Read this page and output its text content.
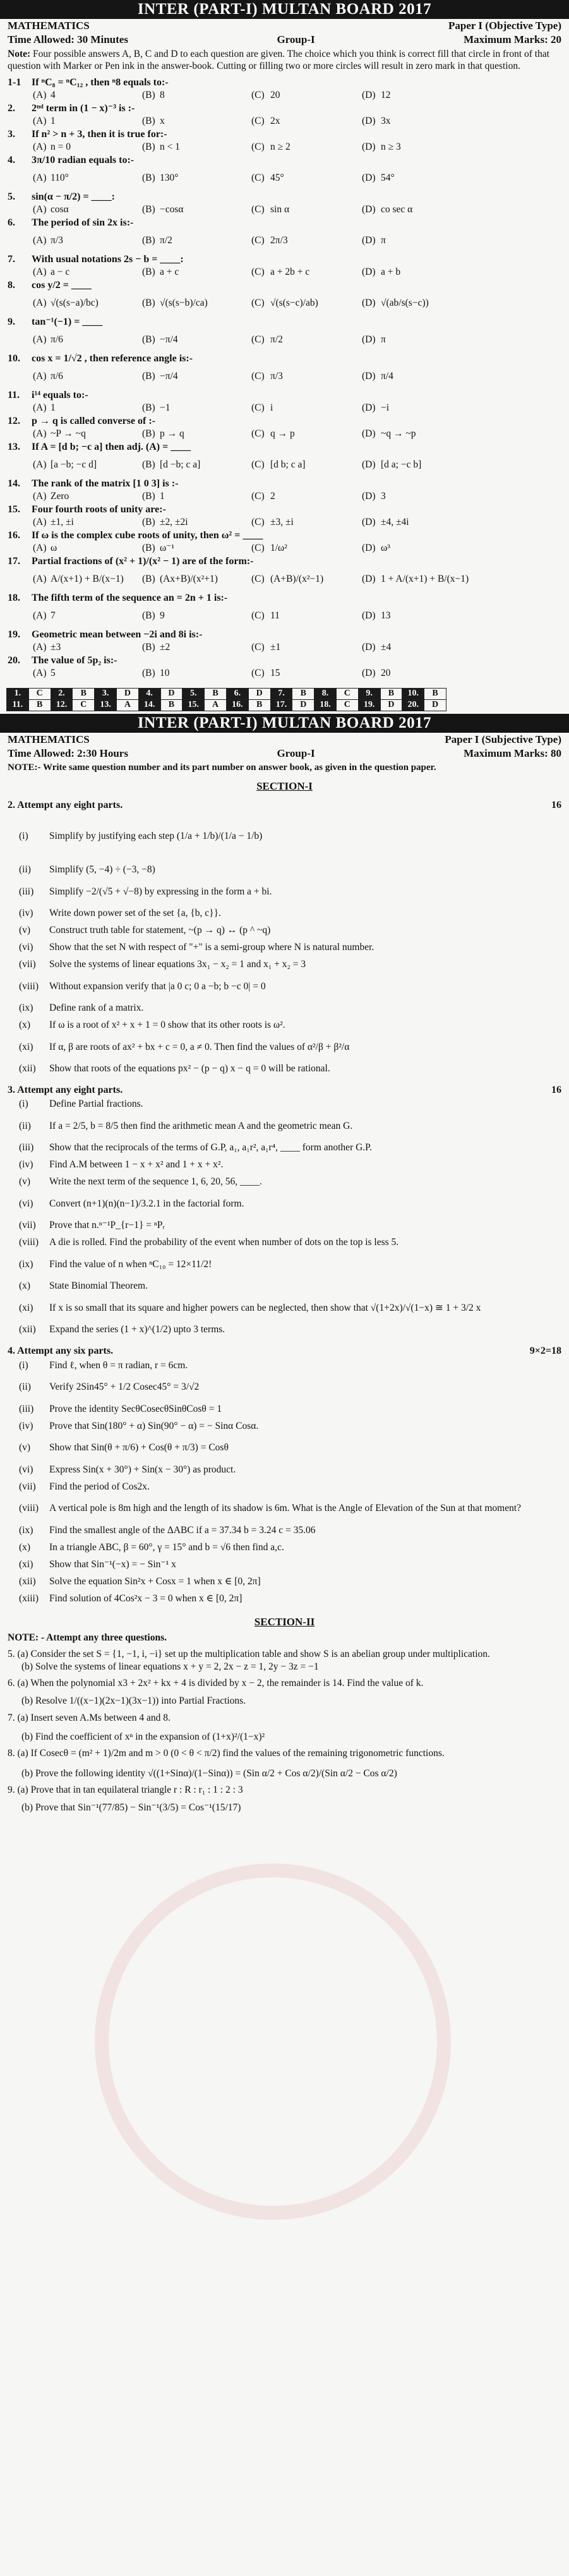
INTER (PART-I) MULTAN BOARD 2017
MATHEMATICS	Paper I (Objective Type)
Time Allowed: 30 Minutes	Group-I	Maximum Marks: 20
Note: Four possible answers A, B, C and D to each question are given. The choice which you think is correct fill that circle in front of that question with Marker or Pen ink in the answer-book. Cutting or filling two or more circles will result in zero mark in that question.
1-1	If ⁿC₈ = ⁿC₁₂ , then ⁿ8 equals to:-
(A) 4	(B) 8	(C) 20	(D) 12
2.	2ⁿᵈ term in (1 − x)⁻³ is :-
(A) 1	(B) x	(C) 2x	(D) 3x
3.	If n² > n + 3, then it is true for:-
(A) n = 0	(B) n < 1	(C) n ≥ 2	(D) n ≥ 3
4.	3π/10 radian equals to:-
(A) 110°	(B) 130°	(C) 45°	(D) 54°
5.	sin(α − π/2) = ____:
(A) cosα	(B) −cosα	(C) sin α	(D) co sec α
6.	The period of sin 2x is:-
(A) π/3	(B) π/2	(C) 2π/3	(D) π
7.	With usual notations 2s − b = ____:
(A) a − c	(B) a + c	(C) a + 2b + c	(D) a + b
8.	cos y/2 = ____
(A) √(s(s−a)/bc)	(B) √(s(s−b)/ca)	(C) √(s(s−c)/ab)	(D) √(ab/s(s−c))
9.	tan⁻¹(−1) = ____
(A) π/6	(B) −π/4	(C) π/2	(D) π
10.	cos x = 1/√2 , then reference angle is:-
(A) π/6	(B) −π/4	(C) π/3	(D) π/4
11.	i¹⁴ equals to:-
(A) 1	(B) −1	(C) i	(D) −i
12.	p → q is called converse of :-
(A) ~P → ~q	(B) p → q	(C) q → p	(D) ~q → ~p
13.	If A = [d b; −c a] then adj. (A) = ____
(A) [a −b; −c d]	(B) [d −b; c a]	(C) [d b; c a]	(D) [d a; −c b]
14.	The rank of the matrix [1 0 3] is :-
(A) Zero	(B) 1	(C) 2	(D) 3
15.	Four fourth roots of unity are:-
(A) ±1, ±i	(B) ±2, ±2i	(C) ±3, ±i	(D) ±4, ±4i
16.	If ω is the complex cube roots of unity, then ω² = ____
(A) ω	(B) ω⁻¹	(C) 1/ω²	(D) ω³
17.	Partial fractions of (x² + 1)/(x² − 1) are of the form:-
(A) A/(x+1) + B/(x−1)	(B) (Ax+B)/(x²+1)	(C) (A+B)/(x²−1)	(D) 1 + A/(x+1) + B/(x−1)
18.	The fifth term of the sequence an = 2n + 1 is:-
(A) 7	(B) 9	(C) 11	(D) 13
19.	Geometric mean between −2i and 8i is:-
(A) ±3	(B) ±2	(C) ±1	(D) ±4
20.	The value of 5p₂ is:-
(A) 5	(B) 10	(C) 15	(D) 20
1.	C	2.	B	3.	D	4.	D	5.	B	6.	D	7.	B	8.	C	9.	B	10.	B
11.	B	12.	C	13.	A	14.	B	15.	A	16.	B	17.	D	18.	C	19.	D	20.	D
INTER (PART-I) MULTAN BOARD 2017
MATHEMATICS	Paper I (Subjective Type)
Time Allowed: 2:30 Hours	Group-I	Maximum Marks: 80
NOTE:- Write same question number and its part number on answer book, as given in the question paper.
SECTION-I
2. Attempt any eight parts.	16
(i)	Simplify by justifying each step (1/a + 1/b)/(1/a − 1/b)
(ii)	Simplify (5, −4) ÷ (−3, −8)
(iii)	Simplify −2/(√5 + √−8) by expressing in the form a + bi.
(iv)	Write down power set of the set {a, {b, c}}.
(v)	Construct truth table for statement, ~(p → q) ↔ (p ^ ~q)
(vi)	Show that the set N with respect of "+" is a semi-group where N is natural number.
(vii)	Solve the systems of linear equations 3x₁ − x₂ = 1 and x₁ + x₂ = 3
(viii)	Without expansion verify that |a 0 c; 0 a −b; b −c 0| = 0
(ix)	Define rank of a matrix.
(x)	If ω is a root of x² + x + 1 = 0 show that its other roots is ω².
(xi)	If α, β are roots of ax² + bx + c = 0, a ≠ 0. Then find the values of α²/β + β²/α
(xii)	Show that roots of the equations px² − (p − q) x − q = 0 will be rational.
3. Attempt any eight parts.	16
(i)	Define Partial fractions.
(ii)	If a = 2/5, b = 8/5 then find the arithmetic mean A and the geometric mean G.
(iii)	Show that the reciprocals of the terms of G.P, a₁, a₁r², a₁r⁴, ____ form another G.P.
(iv)	Find A.M between 1 − x + x² and 1 + x + x².
(v)	Write the next term of the sequence 1, 6, 20, 56, ____.
(vi)	Convert (n+1)(n)(n−1)/3.2.1 in the factorial form.
(vii)	Prove that n.ⁿ⁻¹P_{r−1} = ⁿPᵣ
(viii)	A die is rolled. Find the probability of the event when number of dots on the top is less 5.
(ix)	Find the value of n when ⁿC₁₀ = 12×11/2!
(x)	State Binomial Theorem.
(xi)	If x is so small that its square and higher powers can be neglected, then show that √(1+2x)/√(1−x) ≅ 1 + 3/2 x
(xii)	Expand the series (1 + x)^(1/2) upto 3 terms.
4. Attempt any six parts.	9×2=18
(i)	Find ℓ, when θ = π radian, r = 6cm.
(ii)	Verify 2Sin45° + 1/2 Cosec45° = 3/√2
(iii)	Prove the identity SecθCosecθSinθCosθ = 1
(iv)	Prove that Sin(180° + α) Sin(90° − α) = − Sinα Cosα.
(v)	Show that Sin(θ + π/6) + Cos(θ + π/3) = Cosθ
(vi)	Express Sin(x + 30°) + Sin(x − 30°) as product.
(vii)	Find the period of Cos2x.
(viii)	A vertical pole is 8m high and the length of its shadow is 6m. What is the Angle of Elevation of the Sun at that moment?
(ix)	Find the smallest angle of the ΔABC if a = 37.34 b = 3.24 c = 35.06
(x)	In a triangle ABC, β = 60°, γ = 15° and b = √6 then find a,c.
(xi)	Show that Sin⁻¹(−x) = − Sin⁻¹ x
(xii)	Solve the equation Sin²x + Cosx = 1 when x ∈ [0, 2π]
(xiii)	Find solution of 4Cos²x − 3 = 0 when x ∈ [0, 2π]
SECTION-II
NOTE: - Attempt any three questions.
5. (a) Consider the set S = {1, −1, i, −i} set up the multiplication table and show S is an abelian group under multiplication.
(b) Solve the systems of linear equations x + y = 2, 2x − z = 1, 2y − 3z = −1
6. (a) When the polynomial x3 + 2x² + kx + 4 is divided by x − 2, the remainder is 14. Find the value of k.
(b) Resolve 1/((x−1)(2x−1)(3x−1)) into Partial Fractions.
7. (a) Insert seven A.Ms between 4 and 8.
(b) Find the coefficient of xⁿ in the expansion of (1+x)²/(1−x)²
8. (a) If Cosecθ = (m² + 1)/2m and m > 0 (0 < θ < π/2) find the values of the remaining trigonometric functions.
(b) Prove the following identity √((1+Sinα)/(1−Sinα)) = (Sin α/2 + Cos α/2)/(Sin α/2 − Cos α/2)
9. (a) Prove that in tan equilateral triangle r : R : r₁ : 1 : 2 : 3
(b) Prove that Sin⁻¹(77/85) − Sin⁻¹(3/5) = Cos⁻¹(15/17)
